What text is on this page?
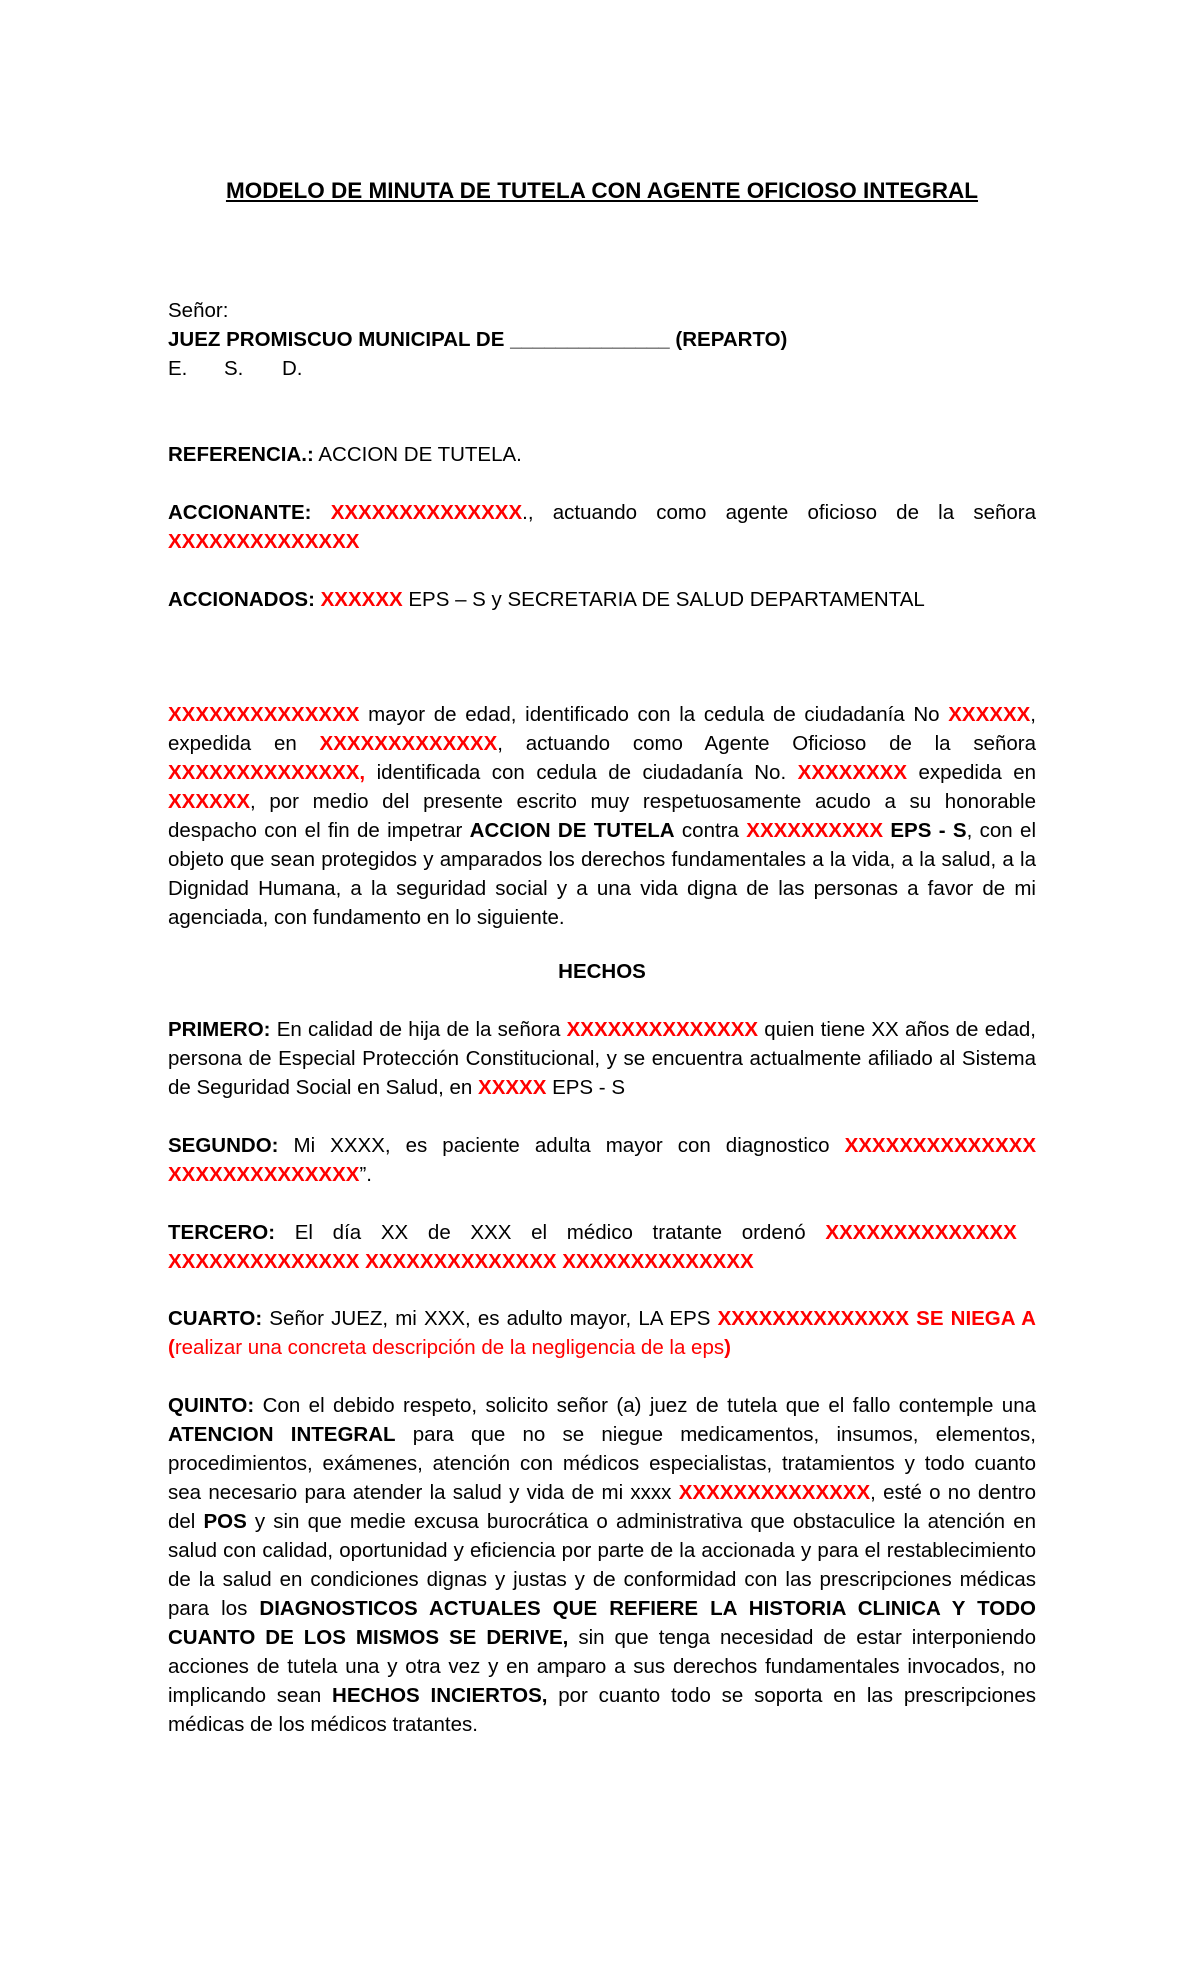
MODELO DE MINUTA DE TUTELA CON AGENTE OFICIOSO INTEGRAL
Señor:
JUEZ PROMISCUO MUNICIPAL DE ______________ (REPARTO)
E. S. D.
REFERENCIA.: ACCION DE TUTELA.
ACCIONANTE: XXXXXXXXXXXXXX., actuando como agente oficioso de la señora XXXXXXXXXXXXXX
ACCIONADOS: XXXXXX EPS – S y SECRETARIA DE SALUD DEPARTAMENTAL
XXXXXXXXXXXXXX mayor de edad, identificado con la cedula de ciudadanía No XXXXXX, expedida en XXXXXXXXXXXXX, actuando como Agente Oficioso de la señora XXXXXXXXXXXXXX, identificada con cedula de ciudadanía No. XXXXXXXX expedida en XXXXXX, por medio del presente escrito muy respetuosamente acudo a su honorable despacho con el fin de impetrar ACCION DE TUTELA contra XXXXXXXXXX EPS - S, con el objeto que sean protegidos y amparados los derechos fundamentales a la vida, a la salud, a la Dignidad Humana, a la seguridad social y a una vida digna de las personas a favor de mi agenciada, con fundamento en lo siguiente.
HECHOS
PRIMERO: En calidad de hija de la señora XXXXXXXXXXXXXX quien tiene XX años de edad, persona de Especial Protección Constitucional, y se encuentra actualmente afiliado al Sistema de Seguridad Social en Salud, en XXXXX EPS - S
SEGUNDO: Mi XXXX, es paciente adulta mayor con diagnostico XXXXXXXXXXXXXX XXXXXXXXXXXXXX”.
TERCERO: El día XX de XXX el médico tratante ordenó XXXXXXXXXXXXXX XXXXXXXXXXXXXX XXXXXXXXXXXXXX XXXXXXXXXXXXXX
CUARTO: Señor JUEZ, mi XXX, es adulto mayor, LA EPS XXXXXXXXXXXXXX SE NIEGA A (realizar una concreta descripción de la negligencia de la eps)
QUINTO: Con el debido respeto, solicito señor (a) juez de tutela que el fallo contemple una ATENCION INTEGRAL para que no se niegue medicamentos, insumos, elementos, procedimientos, exámenes, atención con médicos especialistas, tratamientos y todo cuanto sea necesario para atender la salud y vida de mi xxxx XXXXXXXXXXXXXX, esté o no dentro del POS y sin que medie excusa burocrática o administrativa que obstaculice la atención en salud con calidad, oportunidad y eficiencia por parte de la accionada y para el restablecimiento de la salud en condiciones dignas y justas y de conformidad con las prescripciones médicas para los DIAGNOSTICOS ACTUALES QUE REFIERE LA HISTORIA CLINICA Y TODO CUANTO DE LOS MISMOS SE DERIVE, sin que tenga necesidad de estar interponiendo acciones de tutela una y otra vez y en amparo a sus derechos fundamentales invocados, no implicando sean HECHOS INCIERTOS, por cuanto todo se soporta en las prescripciones médicas de los médicos tratantes.
